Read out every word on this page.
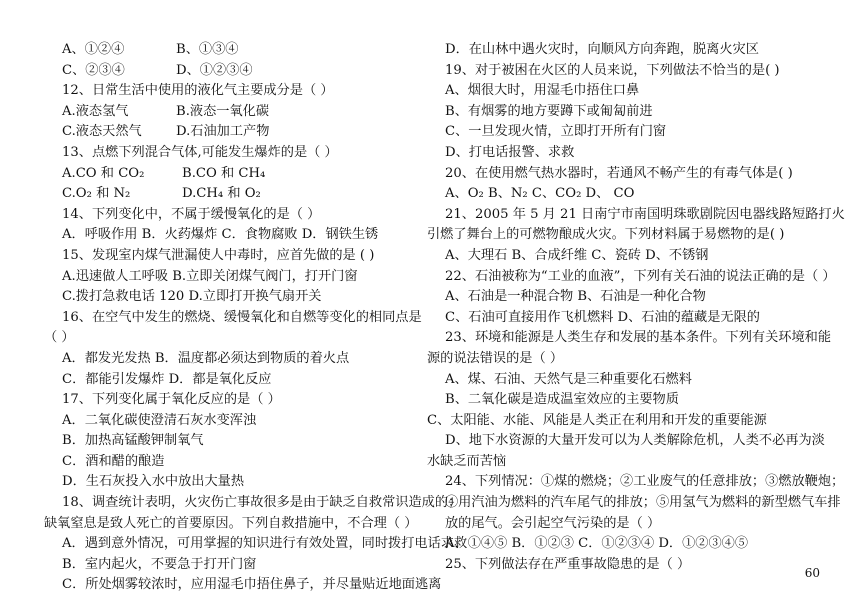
A、①②④	B、①③④
C、②③④	D、①②③④
12、日常生活中使用的液化气主要成分是（ ）
A.液态氢气	B.液态一氧化碳
C.液态天然气	D.石油加工产物
13、点燃下列混合气体,可能发生爆炸的是（ ）
A.CO 和 CO₂	B.CO 和 CH₄
C.O₂ 和 N₂	D.CH₄ 和 O₂
14、下列变化中，不属于缓慢氧化的是（ ）
A．呼吸作用 B．火药爆炸 C．食物腐败 D．钢铁生锈
15、发现室内煤气泄漏使人中毒时，应首先做的是 ( )
A.迅速做人工呼吸 B.立即关闭煤气阀门，打开门窗
C.拨打急救电话 120 D.立即打开换气扇开关
16、在空气中发生的燃烧、缓慢氧化和自燃等变化的相同点是
（ ）
A．都发光发热 B．温度都必须达到物质的着火点
C．都能引发爆炸 D．都是氧化反应
17、下列变化属于氧化反应的是（ ）
A．二氧化碳使澄清石灰水变浑浊
B．加热高锰酸钾制氧气
C．酒和醋的酿造
D．生石灰投入水中放出大量热
18、调查统计表明，火灾伤亡事故很多是由于缺乏自救常识造成的；
缺氧窒息是致人死亡的首要原因。下列自救措施中，不合理（ ）
A．遇到意外情况，可用掌握的知识进行有效处置，同时拨打电话求救
B．室内起火，不要急于打开门窗
C．所处烟雾较浓时，应用湿毛巾捂住鼻子，并尽量贴近地面逃离
D．在山林中遇火灾时，向顺风方向奔跑，脱离火灾区
19、对于被困在火区的人员来说，下列做法不恰当的是( )
A、烟很大时，用湿毛巾捂住口鼻
B、有烟雾的地方要蹲下或匍匐前进
C、一旦发现火情，立即打开所有门窗
D、打电话报警、求救
20、在使用燃气热水器时，若通风不畅产生的有毒气体是( )
A、O₂ B、N₂ C、CO₂ D、 CO
21、2005 年 5 月 21 日南宁市南国明珠歌剧院因电器线路短路打火
引燃了舞台上的可燃物酿成火灾。下列材料属于易燃物的是( )
A、大理石 B、合成纤维 C、瓷砖 D、不锈钢
22、石油被称为“工业的血液”，下列有关石油的说法正确的是（ ）
A、石油是一种混合物 B、石油是一种化合物
C、石油可直接用作飞机燃料 D、石油的蕴藏是无限的
23、环境和能源是人类生存和发展的基本条件。下列有关环境和能
源的说法错误的是（ ）
A、煤、石油、天然气是三种重要化石燃料
B、二氧化碳是造成温室效应的主要物质
C、太阳能、水能、风能是人类正在利用和开发的重要能源
D、地下水资源的大量开发可以为人类解除危机，人类不必再为淡
水缺乏而苦恼
24、下列情况：①煤的燃烧；②工业废气的任意排放；③燃放鞭炮；
④用汽油为燃料的汽车尾气的排放；⑤用氢气为燃料的新型燃气车排
放的尾气。会引起空气污染的是（ ）
A．①④⑤ B．①②③ C．①②③④ D．①②③④⑤
25、下列做法存在严重事故隐患的是（ ）
60
